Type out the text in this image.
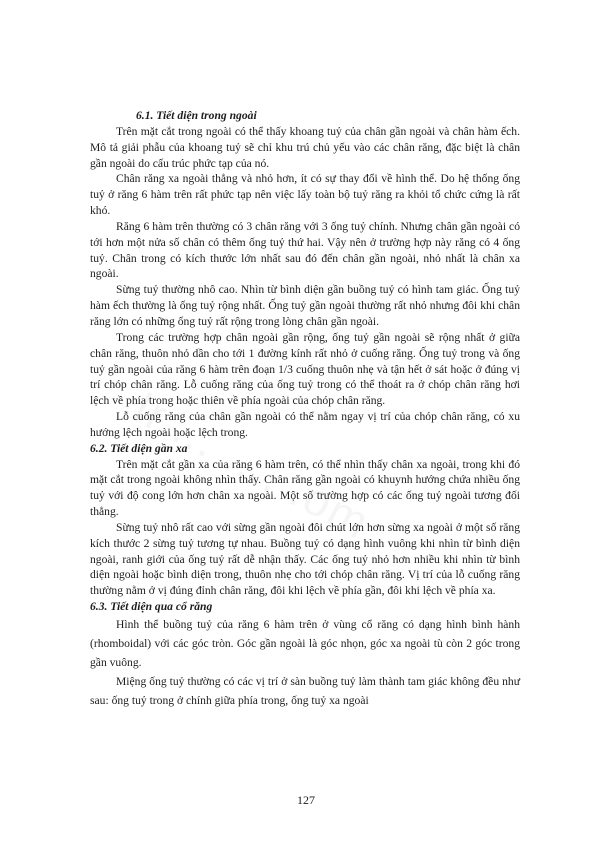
6.1. Tiết diện trong ngoài

Trên mặt cắt trong ngoài có thể thấy khoang tuỷ của chân gần ngoài và chân hàm ếch. Mô tả giải phẫu của khoang tuỷ sẽ chỉ khu trú chủ yếu vào các chân răng, đặc biệt là chân gần ngoài do cấu trúc phức tạp của nó.

Chân răng xa ngoài thẳng và nhỏ hơn, ít có sự thay đổi về hình thể. Do hệ thống ống tuỷ ở răng 6 hàm trên rất phức tạp nên việc lấy toàn bộ tuỷ răng ra khỏi tổ chức cứng là rất khó.

Răng 6 hàm trên thường có 3 chân răng với 3 ống tuỷ chính. Nhưng chân gần ngoài có tới hơn một nửa số chân có thêm ống tuỷ thứ hai. Vậy nên ở trường hợp này răng có 4 ống tuỷ. Chân trong có kích thước lớn nhất sau đó đến chân gần ngoài, nhỏ nhất là chân xa ngoài.

Sừng tuỷ thường nhô cao. Nhìn từ bình diện gần buồng tuỷ có hình tam giác. Ống tuỷ hàm ếch thường là ống tuỷ rộng nhất. Ống tuỷ gần ngoài thường rất nhỏ nhưng đôi khi chân răng lớn có những ống tuỷ rất rộng trong lòng chân gần ngoài.

Trong các trường hợp chân ngoài gần rộng, ống tuỷ gần ngoài sẽ rộng nhất ở giữa chân răng, thuôn nhỏ dần cho tới 1 đường kính rất nhỏ ở cuống răng. Ống tuỷ trong và ống tuỷ gần ngoài của răng 6 hàm trên đoạn 1/3 cuống thuôn nhẹ và tận hết ở sát hoặc ở đúng vị trí chóp chân răng. Lỗ cuống răng của ống tuỷ trong có thể thoát ra ở chóp chân răng hơi lệch về phía trong hoặc thiên về phía ngoài của chóp chân răng.

Lỗ cuống răng của chân gần ngoài có thể nằm ngay vị trí của chóp chân răng, có xu hướng lệch ngoài hoặc lệch trong.

6.2. Tiết diện gần xa

Trên mặt cắt gần xa của răng 6 hàm trên, có thể nhìn thấy chân xa ngoài, trong khi đó mặt cắt trong ngoài không nhìn thấy. Chân răng gần ngoài có khuynh hướng chứa nhiều ống tuỷ với độ cong lớn hơn chân xa ngoài. Một số trường hợp có các ống tuỷ ngoài tương đối thẳng.

Sừng tuỷ nhô rất cao với sừng gần ngoài đôi chút lớn hơn sừng xa ngoài ở một số răng kích thước 2 sừng tuỷ tương tự nhau. Buồng tuỷ có dạng hình vuông khi nhìn từ bình diện ngoài, ranh giới của ống tuỷ rất dễ nhận thấy. Các ống tuỷ nhỏ hơn nhiều khi nhìn từ bình diện ngoài hoặc bình diện trong, thuôn nhẹ cho tới chóp chân răng. Vị trí của lỗ cuống răng thường nằm ở vị đúng đỉnh chân răng, đôi khi lệch về phía gần, đôi khi lệch về phía xa.

6.3. Tiết diện qua cổ răng

Hình thể buồng tuỷ của răng 6 hàm trên ở vùng cổ răng có dạng hình bình hành (rhomboidal) với các góc tròn. Góc gần ngoài là góc nhọn, góc xa ngoài tù còn 2 góc trong gần vuông.

Miệng ống tuỷ thường có các vị trí ở sàn buồng tuỷ làm thành tam giác không đều như sau: ống tuỷ trong ở chính giữa phía trong, ống tuỷ xa ngoài

127
